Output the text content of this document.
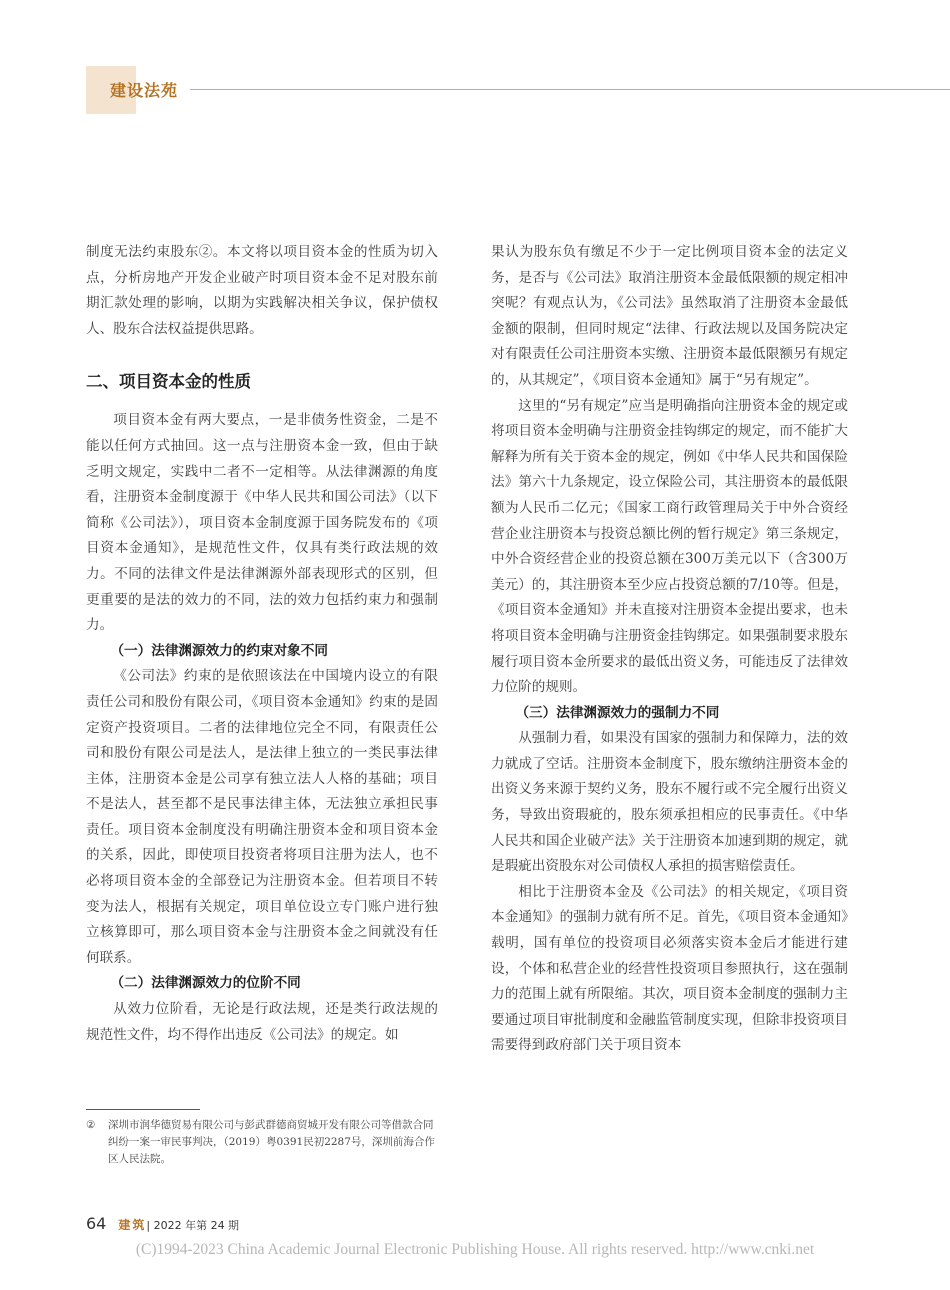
建设法苑

制度无法约束股东②。本文将以项目资本金的性质为切入点，分析房地产开发企业破产时项目资本金不足对股东前期汇款处理的影响，以期为实践解决相关争议，保护债权人、股东合法权益提供思路。

二、项目资本金的性质

项目资本金有两大要点，一是非债务性资金，二是不能以任何方式抽回。这一点与注册资本金一致，但由于缺乏明文规定，实践中二者不一定相等。从法律渊源的角度看，注册资本金制度源于《中华人民共和国公司法》（以下简称《公司法》），项目资本金制度源于国务院发布的《项目资本金通知》，是规范性文件，仅具有类行政法规的效力。不同的法律文件是法律渊源外部表现形式的区别，但更重要的是法的效力的不同，法的效力包括约束力和强制力。

（一）法律渊源效力的约束对象不同

《公司法》约束的是依照该法在中国境内设立的有限责任公司和股份有限公司，《项目资本金通知》约束的是固定资产投资项目。二者的法律地位完全不同，有限责任公司和股份有限公司是法人，是法律上独立的一类民事法律主体，注册资本金是公司享有独立法人人格的基础；项目不是法人，甚至都不是民事法律主体，无法独立承担民事责任。项目资本金制度没有明确注册资本金和项目资本金的关系，因此，即使项目投资者将项目注册为法人，也不必将项目资本金的全部登记为注册资本金。但若项目不转变为法人，根据有关规定，项目单位设立专门账户进行独立核算即可，那么项目资本金与注册资本金之间就没有任何联系。

（二）法律渊源效力的位阶不同

从效力位阶看，无论是行政法规，还是类行政法规的规范性文件，均不得作出违反《公司法》的规定。如

果认为股东负有缴足不少于一定比例项目资本金的法定义务，是否与《公司法》取消注册资本金最低限额的规定相冲突呢？有观点认为，《公司法》虽然取消了注册资本金最低金额的限制，但同时规定“法律、行政法规以及国务院决定对有限责任公司注册资本实缴、注册资本最低限额另有规定的，从其规定”，《项目资本金通知》属于“另有规定”。

这里的“另有规定”应当是明确指向注册资本金的规定或将项目资本金明确与注册资金挂钩绑定的规定，而不能扩大解释为所有关于资本金的规定，例如《中华人民共和国保险法》第六十九条规定，设立保险公司，其注册资本的最低限额为人民币二亿元；《国家工商行政管理局关于中外合资经营企业注册资本与投资总额比例的暂行规定》第三条规定，中外合资经营企业的投资总额在300万美元以下（含300万美元）的，其注册资本至少应占投资总额的7/10等。但是，《项目资本金通知》并未直接对注册资本金提出要求，也未将项目资本金明确与注册资金挂钩绑定。如果强制要求股东履行项目资本金所要求的最低出资义务，可能违反了法律效力位阶的规则。

（三）法律渊源效力的强制力不同

从强制力看，如果没有国家的强制力和保障力，法的效力就成了空话。注册资本金制度下，股东缴纳注册资本金的出资义务来源于契约义务，股东不履行或不完全履行出资义务，导致出资瑕疵的，股东须承担相应的民事责任。《中华人民共和国企业破产法》关于注册资本加速到期的规定，就是瑕疵出资股东对公司债权人承担的损害赔偿责任。

相比于注册资本金及《公司法》的相关规定，《项目资本金通知》的强制力就有所不足。首先，《项目资本金通知》载明，国有单位的投资项目必须落实资本金后才能进行建设，个体和私营企业的经营性投资项目参照执行，这在强制力的范围上就有所限缩。其次，项目资本金制度的强制力主要通过项目审批制度和金融监管制度实现，但除非投资项目需要得到政府部门关于项目资本

②	深圳市润华德贸易有限公司与彭武群德商贸城开发有限公司等借款合同纠纷一案一审民事判决，（2019）粤0391民初2287号，深圳前海合作区人民法院。
64 建筑 | 2022 年第 24 期
(C)1994-2023 China Academic Journal Electronic Publishing House. All rights reserved. http://www.cnki.net
